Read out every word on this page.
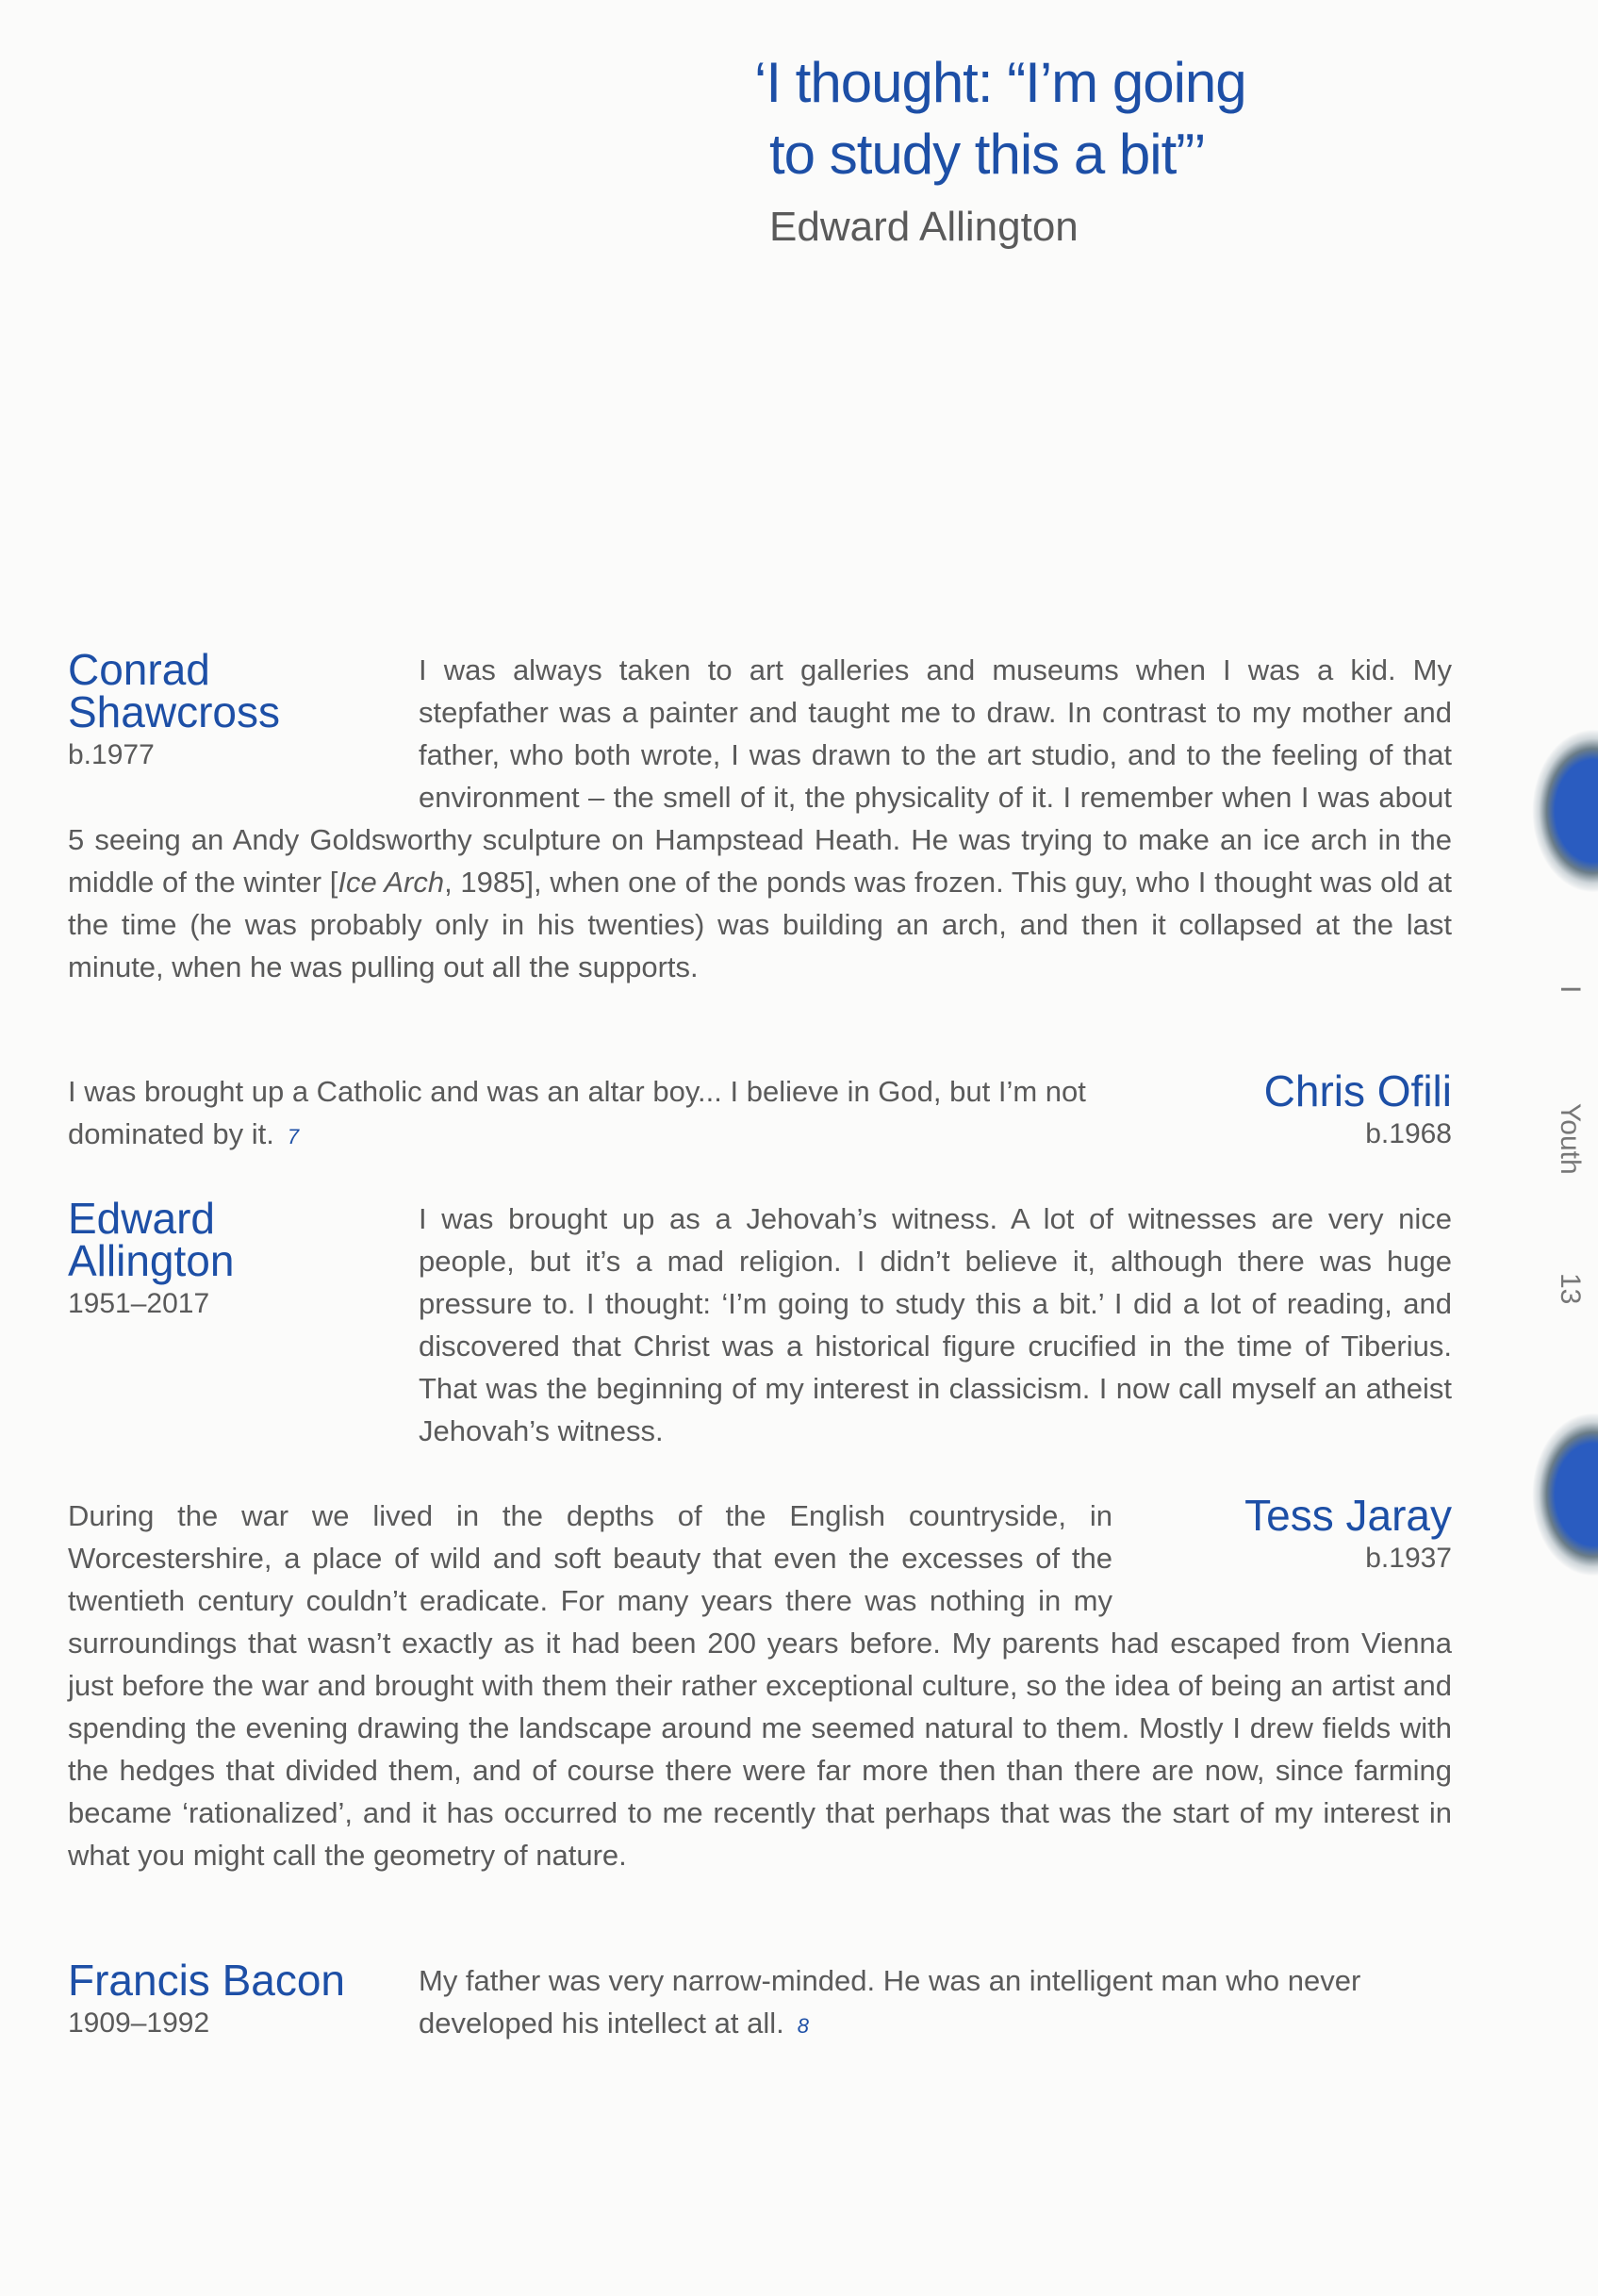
‘I thought: “I’m going
to study this a bit”’

Edward Allington
Conrad
Shawcross
b.1977

I was always taken to art galleries and museums when I was a kid. My stepfather was a painter and taught me to draw. In contrast to my mother and father, who both wrote, I was drawn to the art studio, and to the feeling of that environment – the smell of it, the physicality of it. I remember when I was about 5 seeing an Andy Goldsworthy sculpture on Hampstead Heath. He was trying to make an ice arch in the middle of the winter [Ice Arch, 1985], when one of the ponds was frozen. This guy, who I thought was old at the time (he was probably only in his twenties) was building an arch, and then it collapsed at the last minute, when he was pulling out all the supports.

Chris Ofili
b.1968

I was brought up a Catholic and was an altar boy... I believe in God, but I’m not dominated by it. 7

Edward
Allington
1951–2017

I was brought up as a Jehovah’s witness. A lot of witnesses are very nice people, but it’s a mad religion. I didn’t believe it, although there was huge pressure to. I thought: ‘I’m going to study this a bit.’ I did a lot of reading, and discovered that Christ was a historical figure crucified in the time of Tiberius. That was the beginning of my interest in classicism. I now call myself an atheist Jehovah’s witness.

Tess Jaray
b.1937

During the war we lived in the depths of the English countryside, in Worcestershire, a place of wild and soft beauty that even the excesses of the twentieth century couldn’t eradicate. For many years there was nothing in my surroundings that wasn’t exactly as it had been 200 years before. My parents had escaped from Vienna just before the war and brought with them their rather exceptional culture, so the idea of being an artist and spending the evening drawing the landscape around me seemed natural to them. Mostly I drew fields with the hedges that divided them, and of course there were far more then than there are now, since farming became ‘rationalized’, and it has occurred to me recently that perhaps that was the start of my interest in what you might call the geometry of nature.

Francis Bacon
1909–1992

My father was very narrow-minded. He was an intelligent man who never developed his intellect at all. 8

I
Youth
13
